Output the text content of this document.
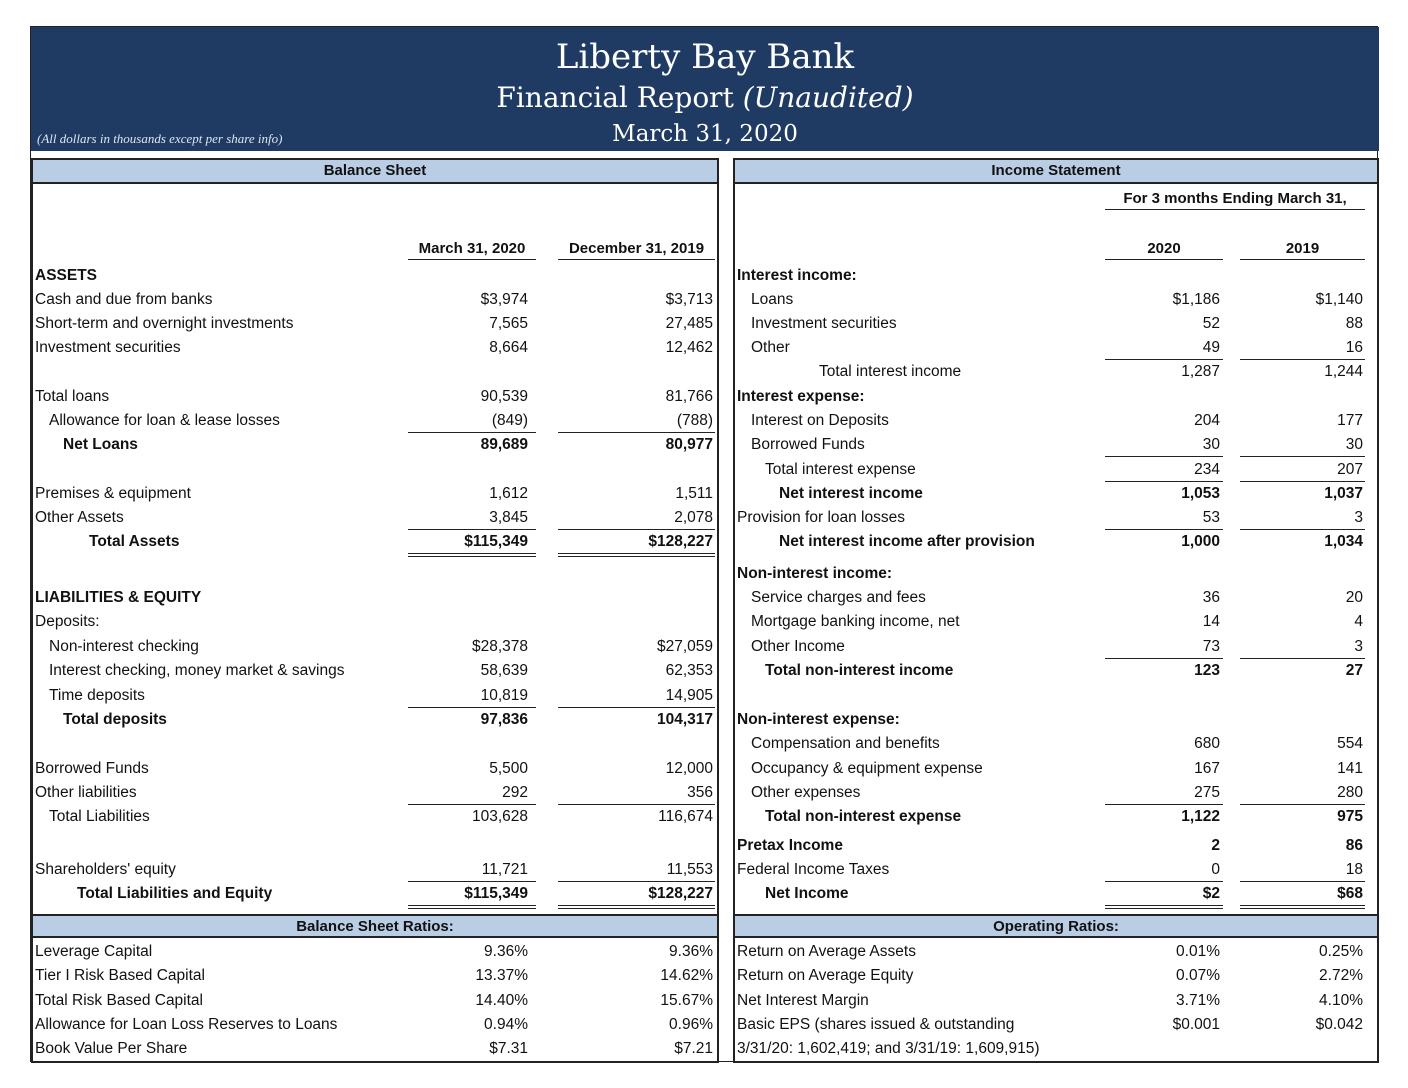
Liberty Bay Bank
Financial Report (Unaudited)
March 31, 2020
(All dollars in thousands except per share info)
Balance Sheet
March 31, 2020	December 31, 2019
ASSETS
Cash and due from banks	$3,974	$3,713
Short-term and overnight investments	7,565	27,485
Investment securities	8,664	12,462
Total loans	90,539	81,766
Allowance for loan & lease losses	(849)	(788)
Net Loans	89,689	80,977
Premises & equipment	1,612	1,511
Other Assets	3,845	2,078
Total Assets	$115,349	$128,227
LIABILITIES & EQUITY
Deposits:
Non-interest checking	$28,378	$27,059
Interest checking, money market & savings	58,639	62,353
Time deposits	10,819	14,905
Total deposits	97,836	104,317
Borrowed Funds	5,500	12,000
Other liabilities	292	356
Total Liabilities	103,628	116,674
Shareholders' equity	11,721	11,553
Total Liabilities and Equity	$115,349	$128,227
Balance Sheet Ratios:
Leverage Capital	9.36%	9.36%
Tier I Risk Based Capital	13.37%	14.62%
Total Risk Based Capital	14.40%	15.67%
Allowance for Loan Loss Reserves to Loans	0.94%	0.96%
Book Value Per Share	$7.31	$7.21
Income Statement
For 3 months Ending March 31,
2020	2019
Interest income:
Loans	$1,186	$1,140
Investment securities	52	88
Other	49	16
Total interest income	1,287	1,244
Interest expense:
Interest on Deposits	204	177
Borrowed Funds	30	30
Total interest expense	234	207
Net interest income	1,053	1,037
Provision for loan losses	53	3
Net interest income after provision	1,000	1,034
Non-interest income:
Service charges and fees	36	20
Mortgage banking income, net	14	4
Other Income	73	3
Total non-interest income	123	27
Non-interest expense:
Compensation and benefits	680	554
Occupancy & equipment expense	167	141
Other expenses	275	280
Total non-interest expense	1,122	975
Pretax Income	2	86
Federal Income Taxes	0	18
Net Income	$2	$68
Operating Ratios:
Return on Average Assets	0.01%	0.25%
Return on Average Equity	0.07%	2.72%
Net Interest Margin	3.71%	4.10%
Basic EPS (shares issued & outstanding	$0.001	$0.042
3/31/20: 1,602,419; and 3/31/19: 1,609,915)
